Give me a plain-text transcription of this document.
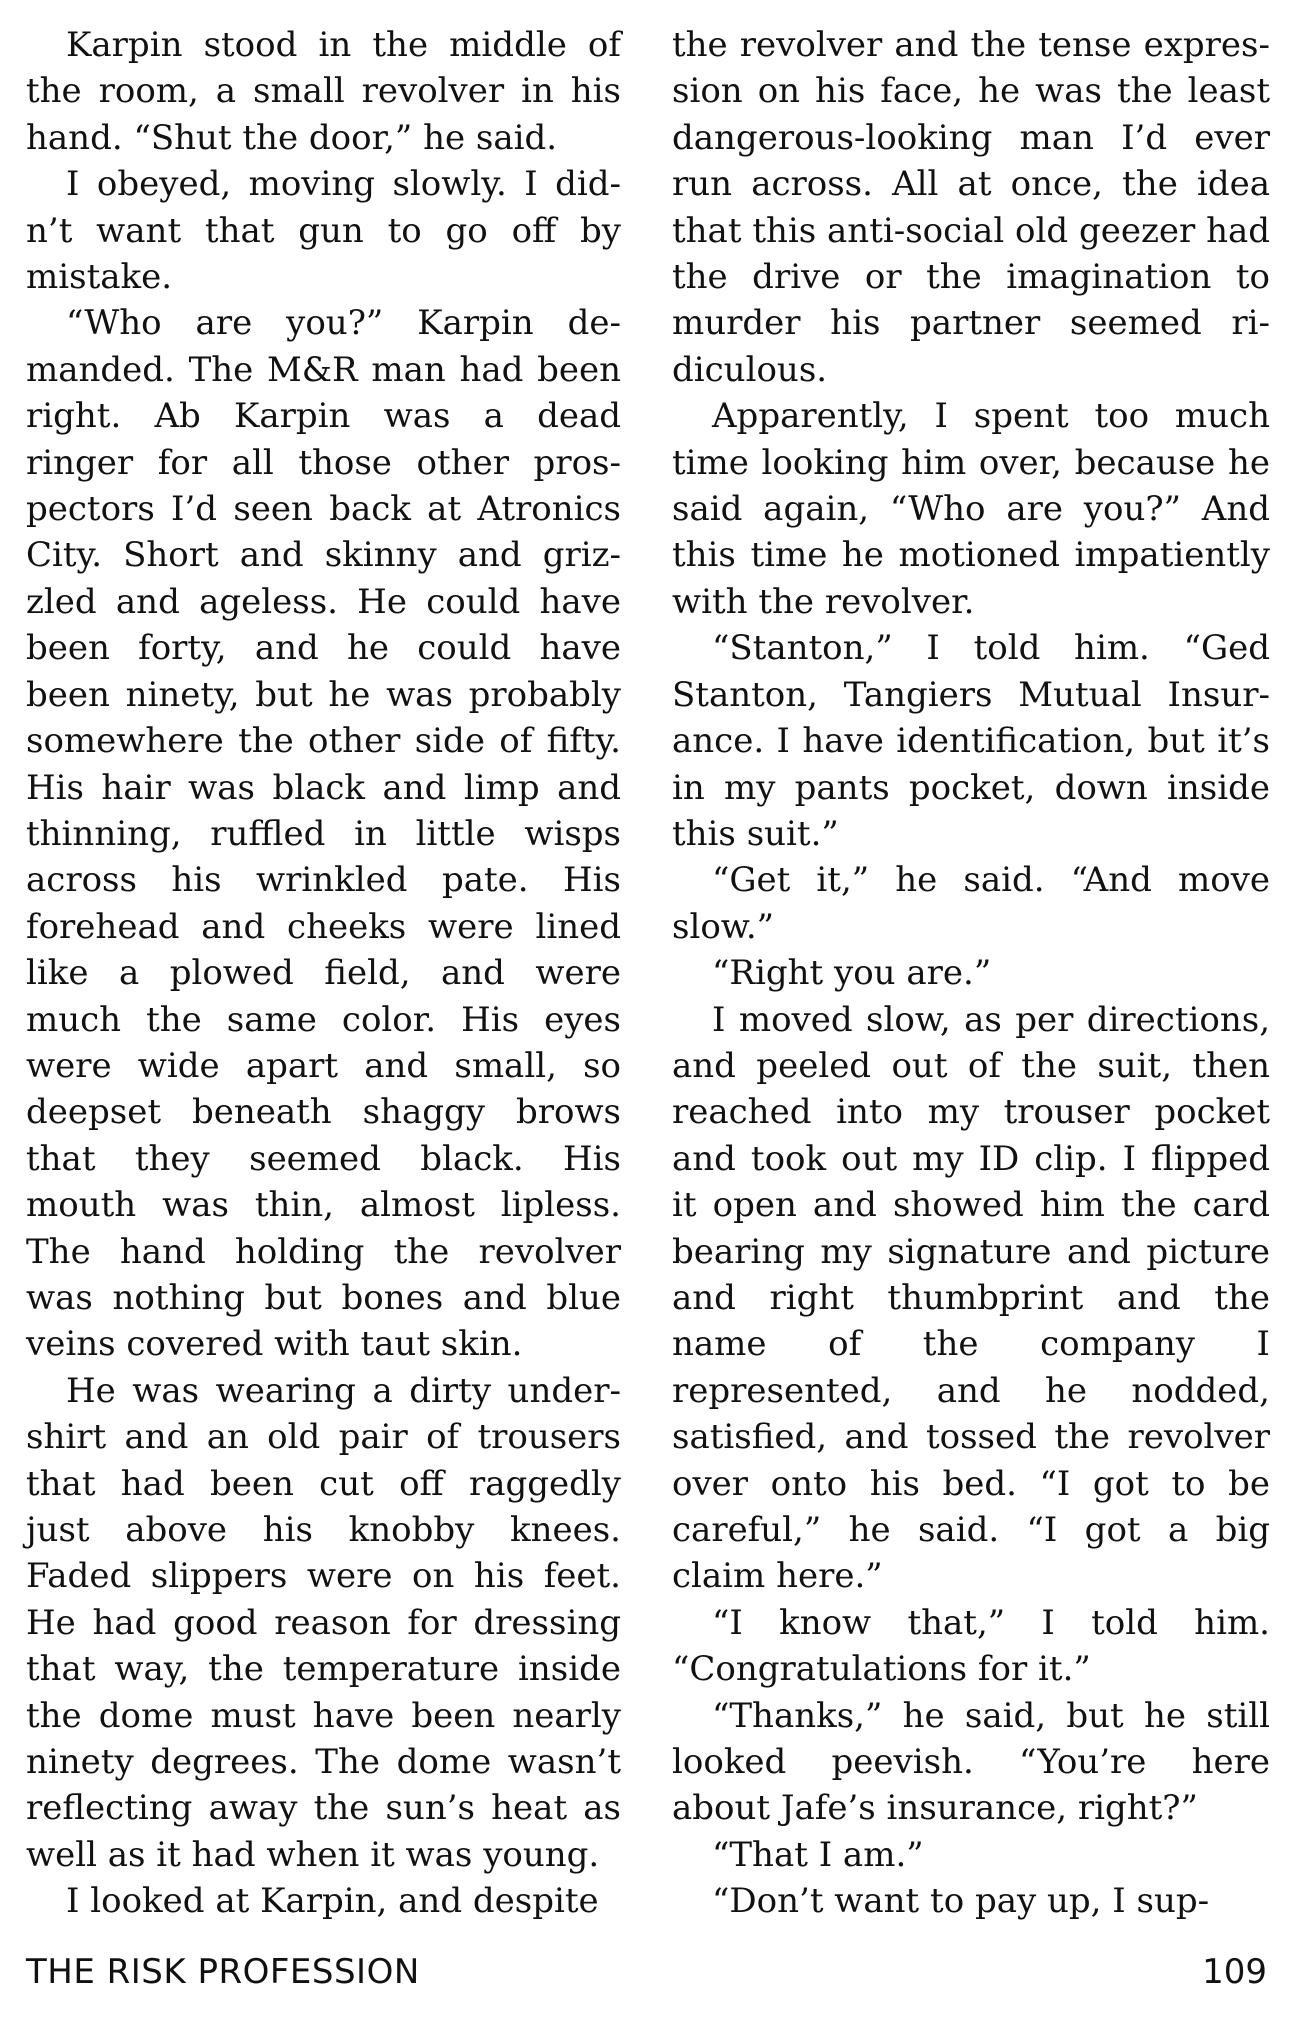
Karpin stood in the middle of the room, a small revolver in his hand. “Shut the door,” he said.

I obeyed, moving slowly. I didn’t want that gun to go off by mistake.

“Who are you?” Karpin demanded. The M&R man had been right. Ab Karpin was a dead ringer for all those other prospectors I’d seen back at Atronics City. Short and skinny and grizzled and ageless. He could have been forty, and he could have been ninety, but he was probably somewhere the other side of fifty. His hair was black and limp and thinning, ruffled in little wisps across his wrinkled pate. His forehead and cheeks were lined like a plowed field, and were much the same color. His eyes were wide apart and small, so deepset beneath shaggy brows that they seemed black. His mouth was thin, almost lipless. The hand holding the revolver was nothing but bones and blue veins covered with taut skin.

He was wearing a dirty undershirt and an old pair of trousers that had been cut off raggedly just above his knobby knees. Faded slippers were on his feet. He had good reason for dressing that way, the temperature inside the dome must have been nearly ninety degrees. The dome wasn’t reflecting away the sun’s heat as well as it had when it was young.

I looked at Karpin, and despite

the revolver and the tense expression on his face, he was the least dangerous-looking man I’d ever run across. All at once, the idea that this anti-social old geezer had the drive or the imagination to murder his partner seemed ridiculous.

Apparently, I spent too much time looking him over, because he said again, “Who are you?” And this time he motioned impatiently with the revolver.

“Stanton,” I told him. “Ged Stanton, Tangiers Mutual Insurance. I have identification, but it’s in my pants pocket, down inside this suit.”

“Get it,” he said. “And move slow.”

“Right you are.”

I moved slow, as per directions, and peeled out of the suit, then reached into my trouser pocket and took out my ID clip. I flipped it open and showed him the card bearing my signature and picture and right thumbprint and the name of the company I represented, and he nodded, satisfied, and tossed the revolver over onto his bed. “I got to be careful,” he said. “I got a big claim here.”

“I know that,” I told him. “Congratulations for it.”

“Thanks,” he said, but he still looked peevish. “You’re here about Jafe’s insurance, right?”

“That I am.”

“Don’t want to pay up, I sup-

THE RISK PROFESSION	109
